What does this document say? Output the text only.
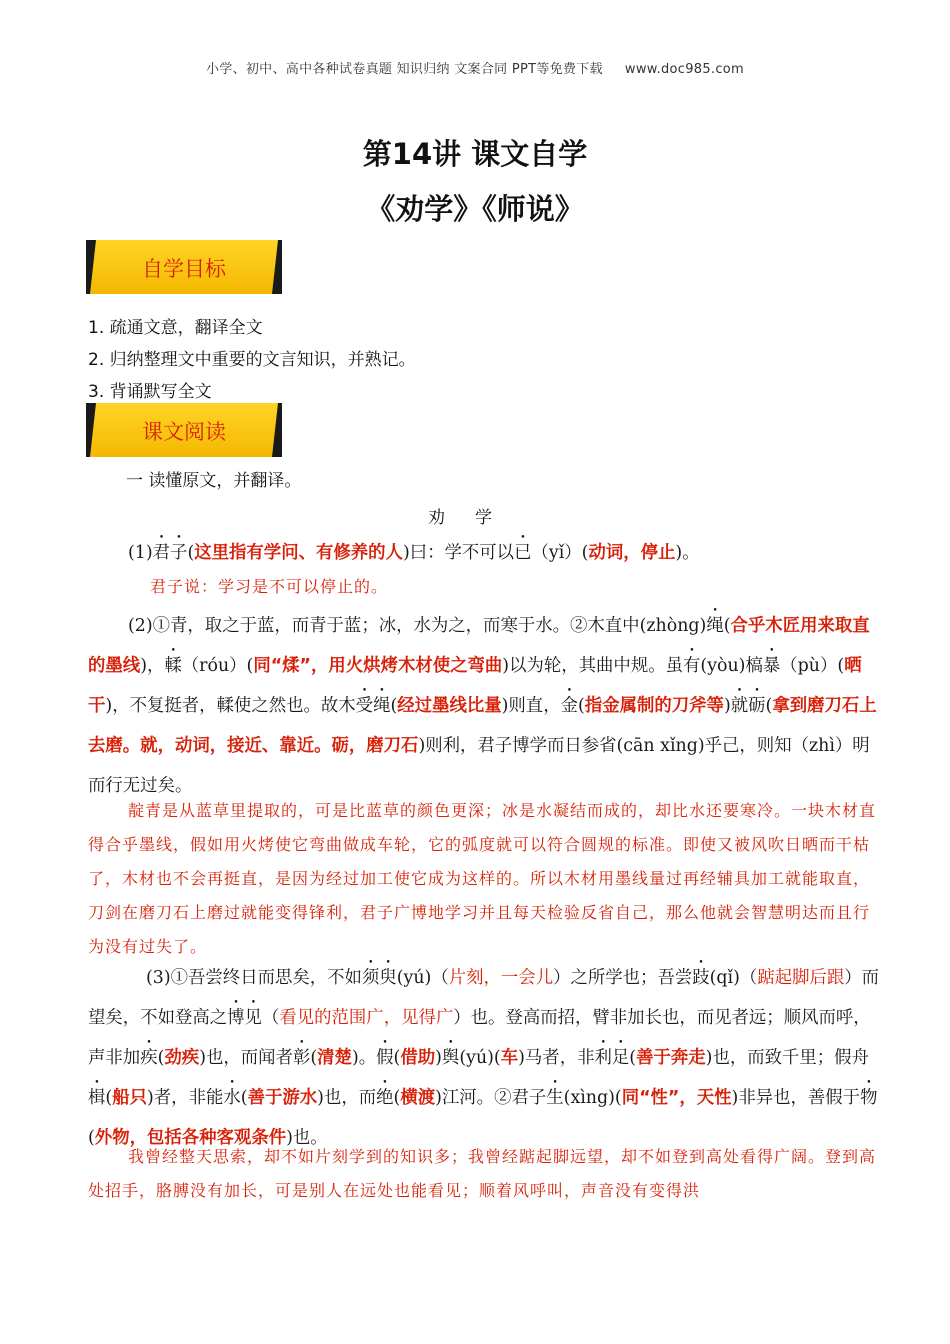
小学、初中、高中各种试卷真题 知识归纳 文案合同 PPT等免费下载 www.doc985.com
第14讲 课文自学
《劝学》《师说》
自学目标
1. 疏通文意，翻译全文
2. 归纳整理文中重要的文言知识，并熟记。
3. 背诵默写全文
课文阅读
一 读懂原文，并翻译。
劝学
(1)君子(这里指有学问、有修养的人)曰：学不可以已（yǐ）(动词，停止)。
君子说：学习是不可以停止的。
(2)①青，取之于蓝，而青于蓝；冰，水为之，而寒于水。②木直中(zhòng)绳(合乎木匠用来取直的墨线)，輮（róu）(同“煣”，用火烘烤木材使之弯曲)以为轮，其曲中规。虽有(yòu)槁暴（pù）(晒干)，不复挺者，輮使之然也。故木受绳(经过墨线比量)则直，金(指金属制的刀斧等)就砺(拿到磨刀石上去磨。就，动词，接近、靠近。砺，磨刀石)则利，君子博学而日参省(cān xǐng)乎己，则知（zhì）明而行无过矣。
靛青是从蓝草里提取的，可是比蓝草的颜色更深；冰是水凝结而成的，却比水还要寒冷。一块木材直得合乎墨线，假如用火烤使它弯曲做成车轮，它的弧度就可以符合圆规的标准。即使又被风吹日晒而干枯了，木材也不会再挺直，是因为经过加工使它成为这样的。所以木材用墨线量过再经辅具加工就能取直，刀剑在磨刀石上磨过就能变得锋利，君子广博地学习并且每天检验反省自己，那么他就会智慧明达而且行为没有过失了。
(3)①吾尝终日而思矣，不如须臾(yú)（片刻，一会儿）之所学也；吾尝跂(qǐ)（踮起脚后跟）而望矣，不如登高之博见（看见的范围广，见得广）也。登高而招，臂非加长也，而见者远；顺风而呼，声非加疾(劲疾)也，而闻者彰(清楚)。假(借助)舆(yú)(车)马者，非利足(善于奔走)也，而致千里；假舟楫(船只)者，非能水(善于游水)也，而绝(横渡)江河。②君子生(xìng)(同“性”，天性)非异也，善假于物(外物，包括各种客观条件)也。
我曾经整天思索，却不如片刻学到的知识多；我曾经踮起脚远望，却不如登到高处看得广阔。登到高处招手，胳膊没有加长，可是别人在远处也能看见；顺着风呼叫，声音没有变得洪
